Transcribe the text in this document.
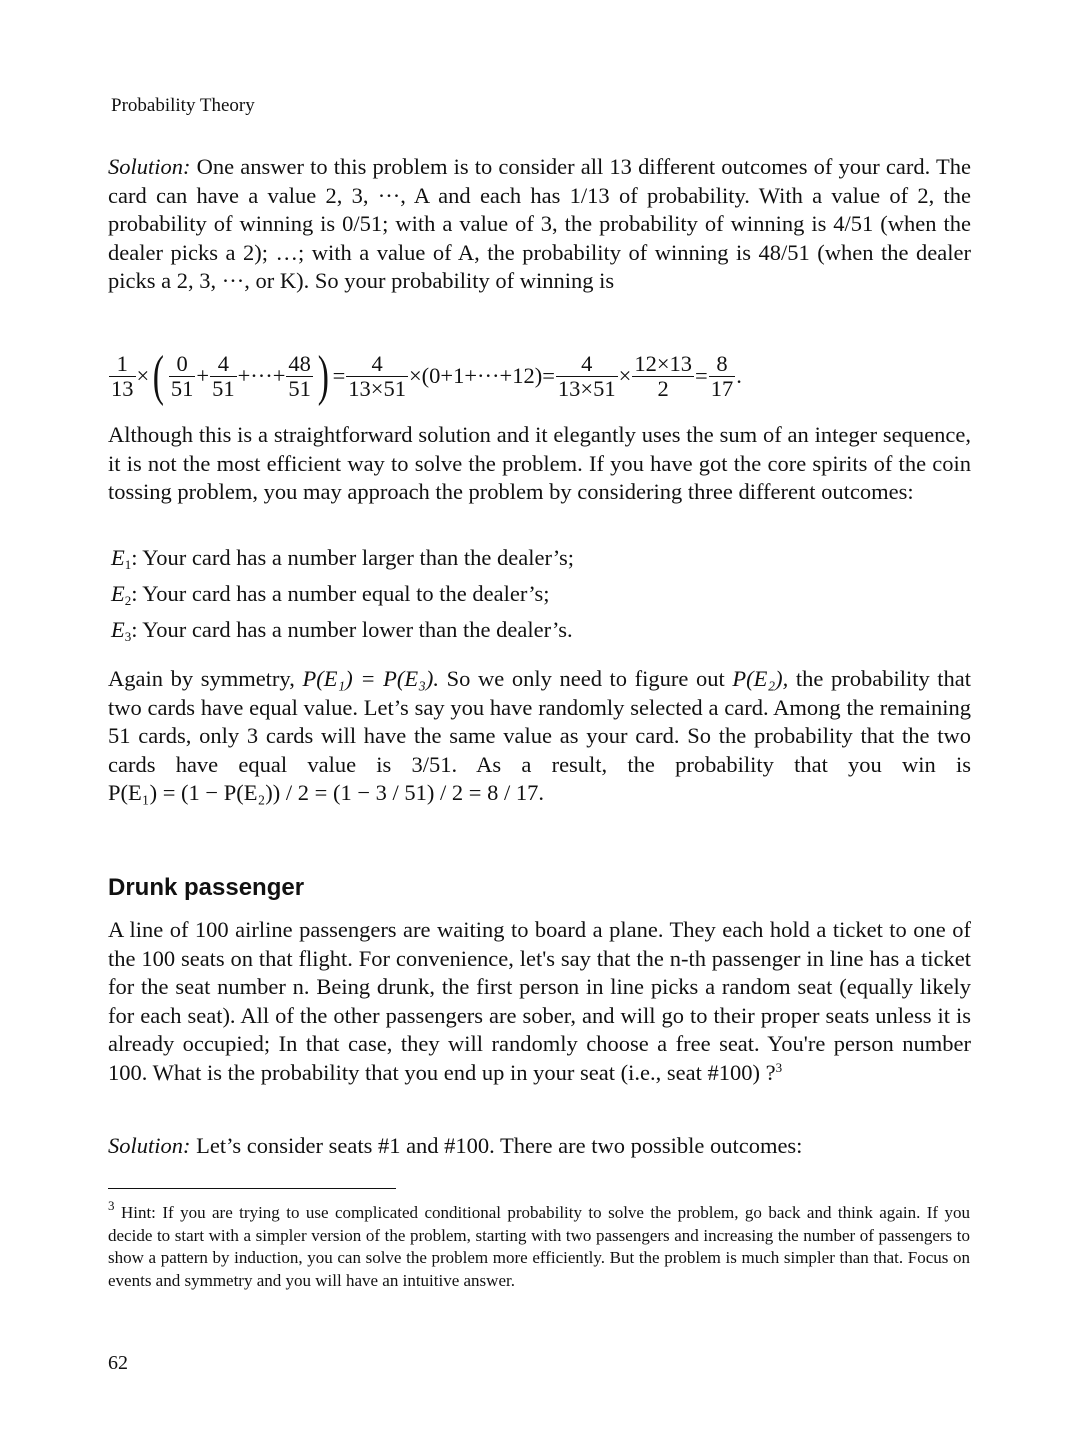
Probability Theory

Solution: One answer to this problem is to consider all 13 different outcomes of your card. The card can have a value 2, 3, ···, A and each has 1/13 of probability. With a value of 2, the probability of winning is 0/51; with a value of 3, the probability of winning is 4/51 (when the dealer picks a 2); …; with a value of A, the probability of winning is 48/51 (when the dealer picks a 2, 3, ···, or K). So your probability of winning is

$\frac{1}{13}$ × ( $\frac{0}{51} + \frac{4}{51}$ +···+ $\frac{48}{51}$ ) = $\frac{4}{13\times 51} \times(0+1+\cdot\cdot\cdot+12) = \frac{4}{13\times 51} \times \frac{12\times 13}{2} = \frac{8}{17}$ .

Although this is a straightforward solution and it elegantly uses the sum of an integer sequence, it is not the most efficient way to solve the problem. If you have got the core spirits of the coin tossing problem, you may approach the problem by considering three different outcomes:

$E_1$: Your card has a number larger than the dealer’s;
$E_2$: Your card has a number equal to the dealer’s;
$E_3$: Your card has a number lower than the dealer’s.

Again by symmetry, P(E₁) = P(E₃). So we only need to figure out P(E₂), the probability that two cards have equal value. Let’s say you have randomly selected a card. Among the remaining 51 cards, only 3 cards will have the same value as your card. So the probability that the two cards have equal value is 3/51. As a result, the probability that you win is P(E₁) = (1 − P(E₂)) / 2 = (1 − 3 / 51) / 2 = 8 / 17.

Drunk passenger

A line of 100 airline passengers are waiting to board a plane. They each hold a ticket to one of the 100 seats on that flight. For convenience, let's say that the n-th passenger in line has a ticket for the seat number n. Being drunk, the first person in line picks a random seat (equally likely for each seat). All of the other passengers are sober, and will go to their proper seats unless it is already occupied; In that case, they will randomly choose a free seat. You're person number 100. What is the probability that you end up in your seat (i.e., seat #100) ?$^3$

Solution: Let’s consider seats #1 and #100. There are two possible outcomes:

$^3$ Hint: If you are trying to use complicated conditional probability to solve the problem, go back and think again. If you decide to start with a simpler version of the problem, starting with two passengers and increasing the number of passengers to show a pattern by induction, you can solve the problem more efficiently. But the problem is much simpler than that. Focus on events and symmetry and you will have an intuitive answer.
62
